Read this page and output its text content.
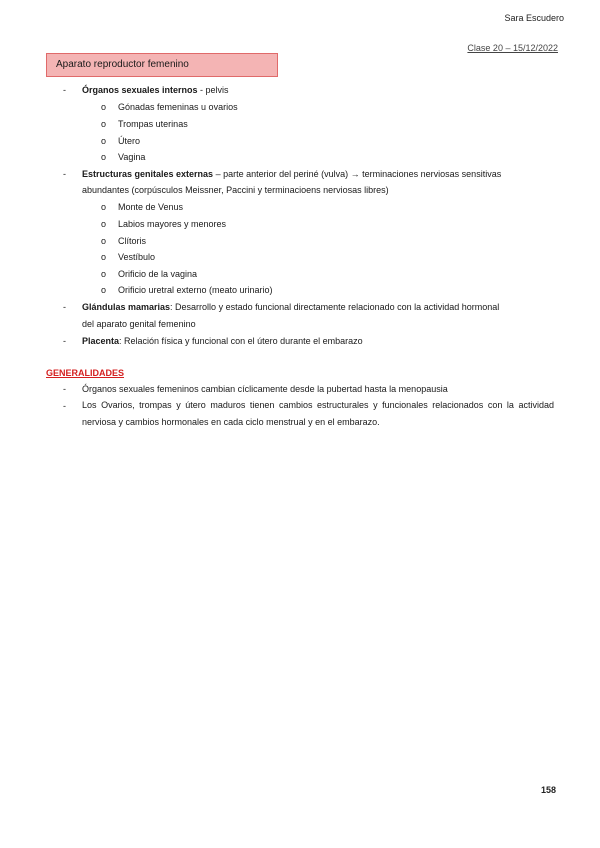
Sara Escudero
Clase 20 – 15/12/2022
Aparato reproductor femenino
- Órganos sexuales internos - pelvis
o Gónadas femeninas u ovarios
o Trompas uterinas
o Útero
o Vagina
- Estructuras genitales externas – parte anterior del periné (vulva) → terminaciones nerviosas sensitivas
abundantes (corpúsculos Meissner, Paccini y terminacioens nerviosas libres)
o Monte de Venus
o Labios mayores y menores
o Clítoris
o Vestíbulo
o Orificio de la vagina
o Orificio uretral externo (meato urinario)
- Glándulas mamarias: Desarrollo y estado funcional directamente relacionado con la actividad hormonal
del aparato genital femenino
- Placenta: Relación física y funcional con el útero durante el embarazo
GENERALIDADES
- Órganos sexuales femeninos cambian cíclicamente desde la pubertad hasta la menopausia
- Los Ovarios, trompas y útero maduros tienen cambios estructurales y funcionales relacionados con la actividad nerviosa y cambios hormonales en cada ciclo menstrual y en el embarazo.
158
